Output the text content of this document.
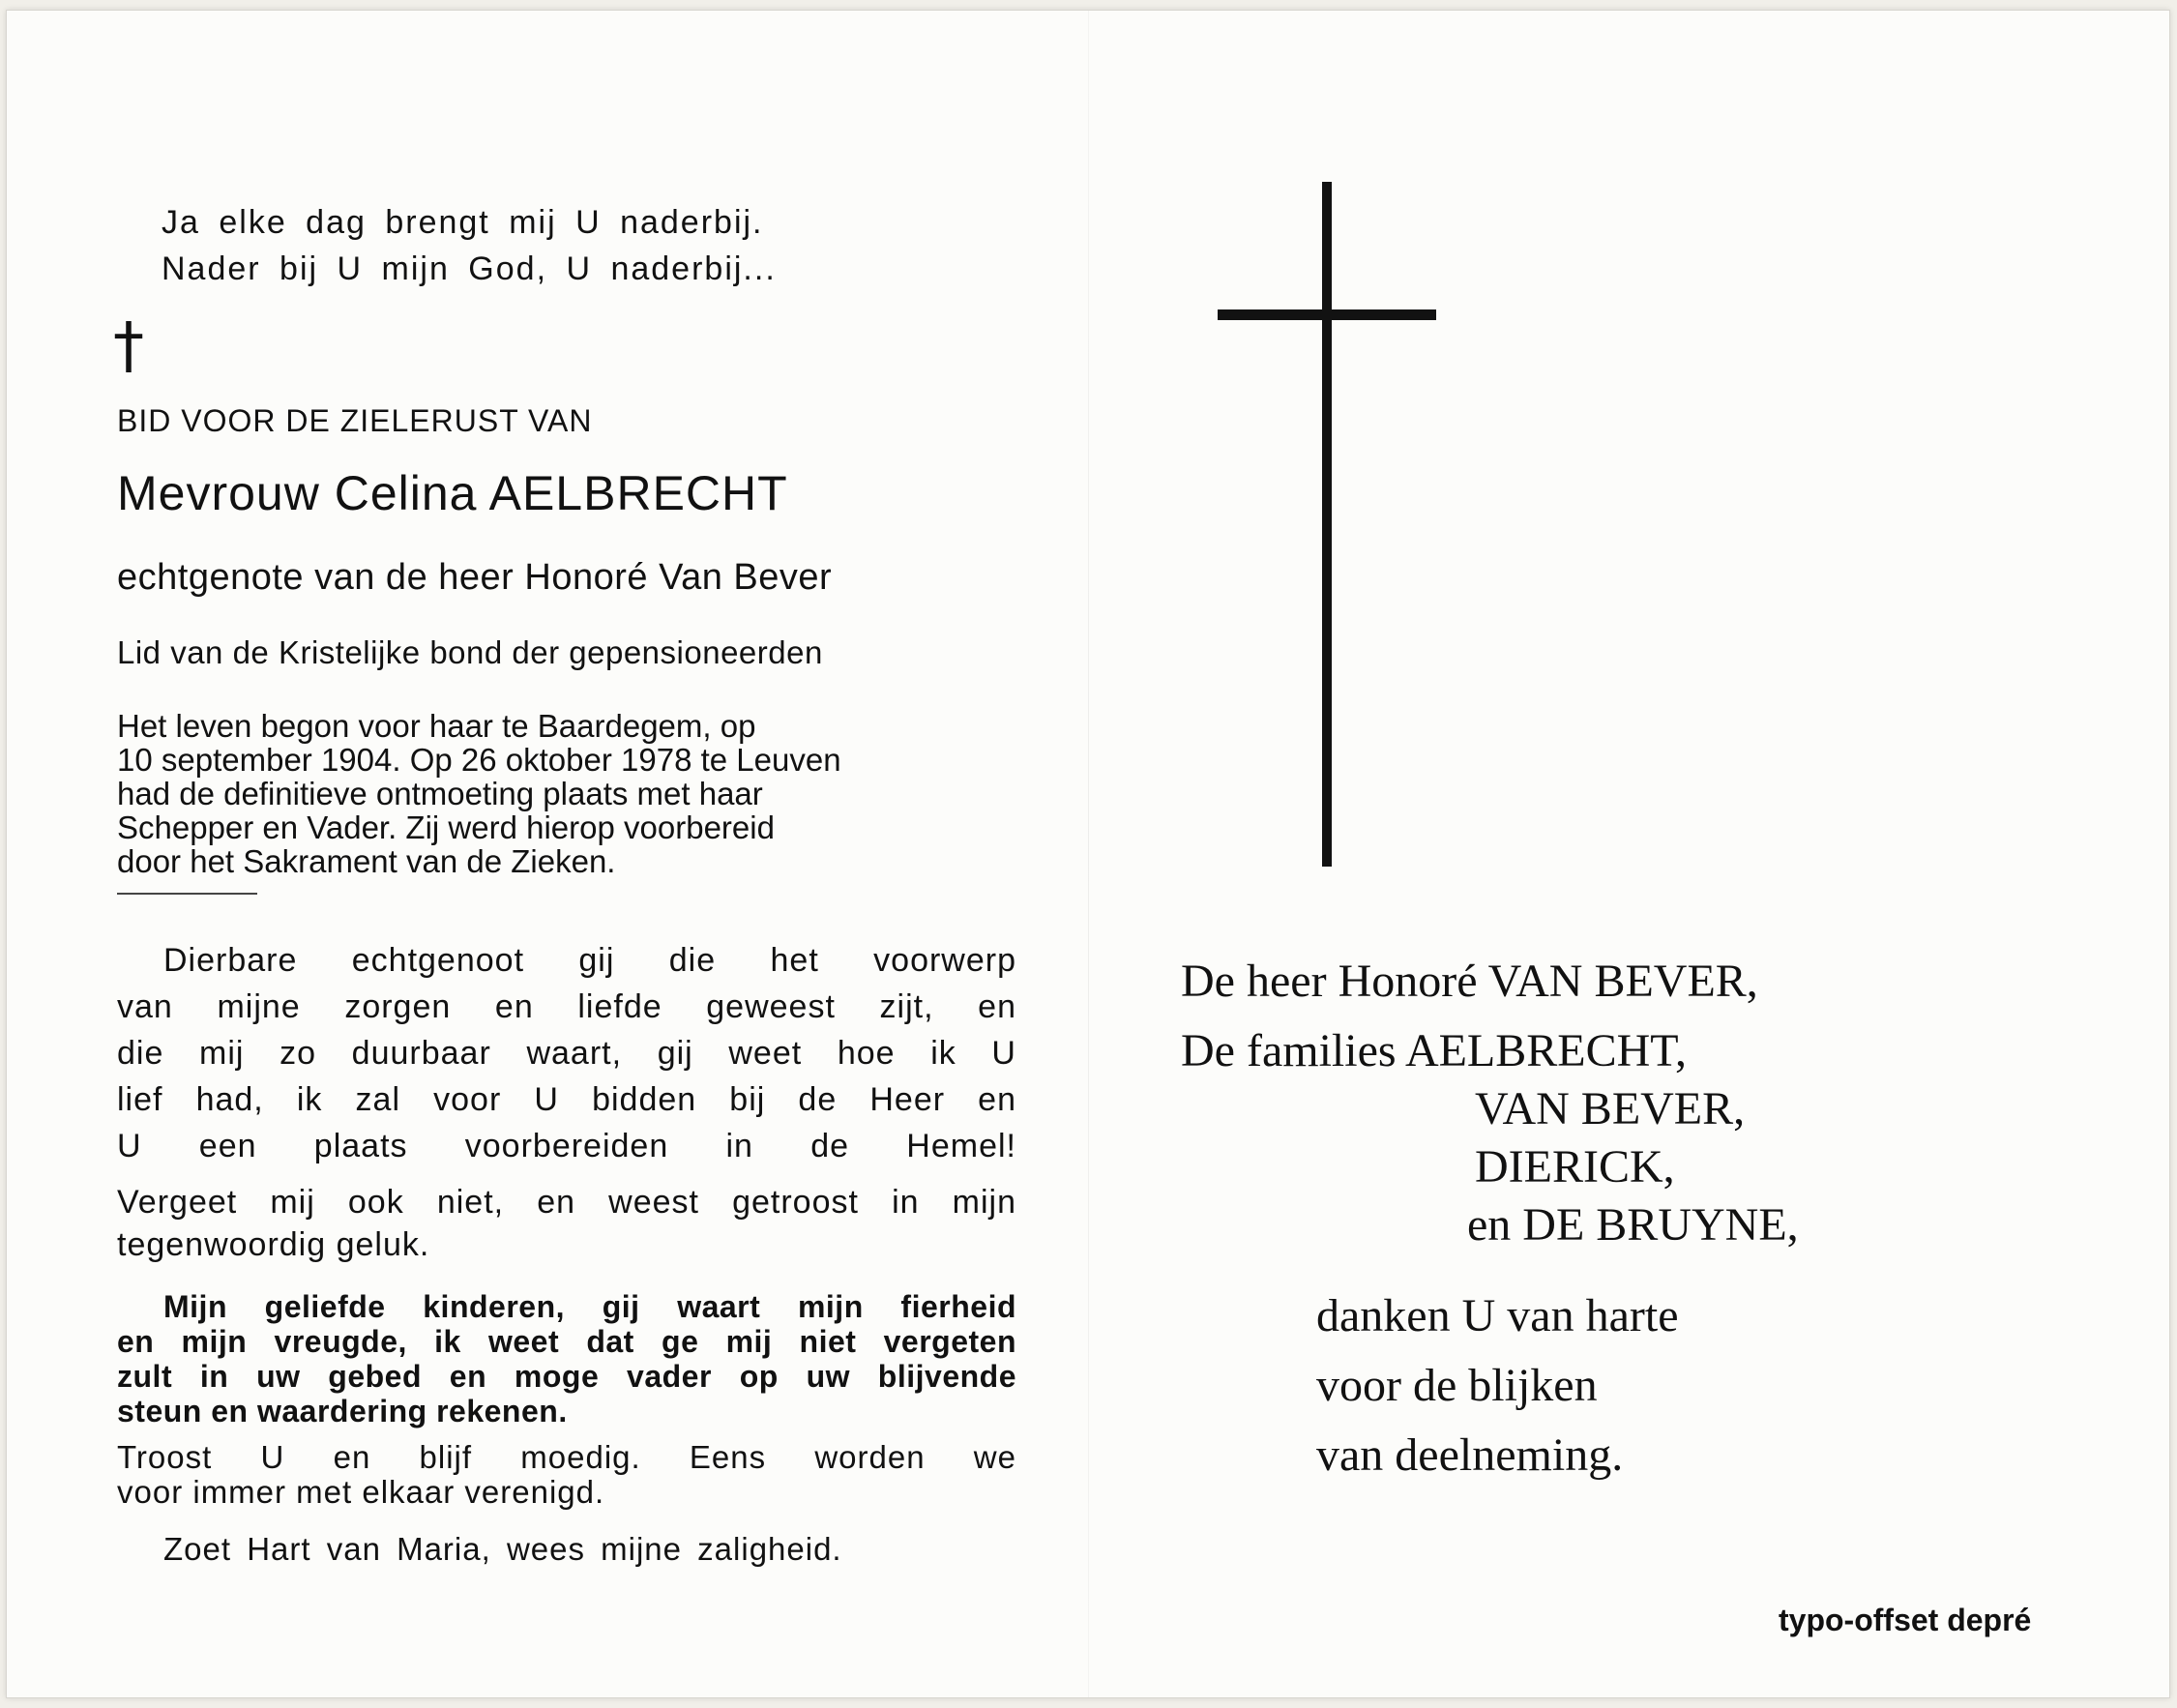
Ja elke dag brengt mij U naderbij.
Nader bij U mijn God, U naderbij...
†
BID VOOR DE ZIELERUST VAN
Mevrouw Celina AELBRECHT
echtgenote van de heer Honoré Van Bever
Lid van de Kristelijke bond der gepensioneerden
Het leven begon voor haar te Baardegem, op
10 september 1904. Op 26 oktober 1978 te Leuven
had de definitieve ontmoeting plaats met haar
Schepper en Vader. Zij werd hierop voorbereid
door het Sakrament van de Zieken.
Dierbare echtgenoot gij die het voorwerp
van mijne zorgen en liefde geweest zijt, en
die mij zo duurbaar waart, gij weet hoe ik U
lief had, ik zal voor U bidden bij de Heer en
U een plaats voorbereiden in de Hemel!
Vergeet mij ook niet, en weest getroost in mijn
tegenwoordig geluk.
Mijn geliefde kinderen, gij waart mijn fierheid
en mijn vreugde, ik weet dat ge mij niet vergeten
zult in uw gebed en moge vader op uw blijvende
steun en waardering rekenen.
Troost U en blijf moedig. Eens worden we
voor immer met elkaar verenigd.
Zoet Hart van Maria, wees mijne zaligheid.
De heer Honoré VAN BEVER,
De families AELBRECHT,
VAN BEVER,
DIERICK,
en DE BRUYNE,
danken U van harte
voor de blijken
van deelneming.
typo-offset depré
